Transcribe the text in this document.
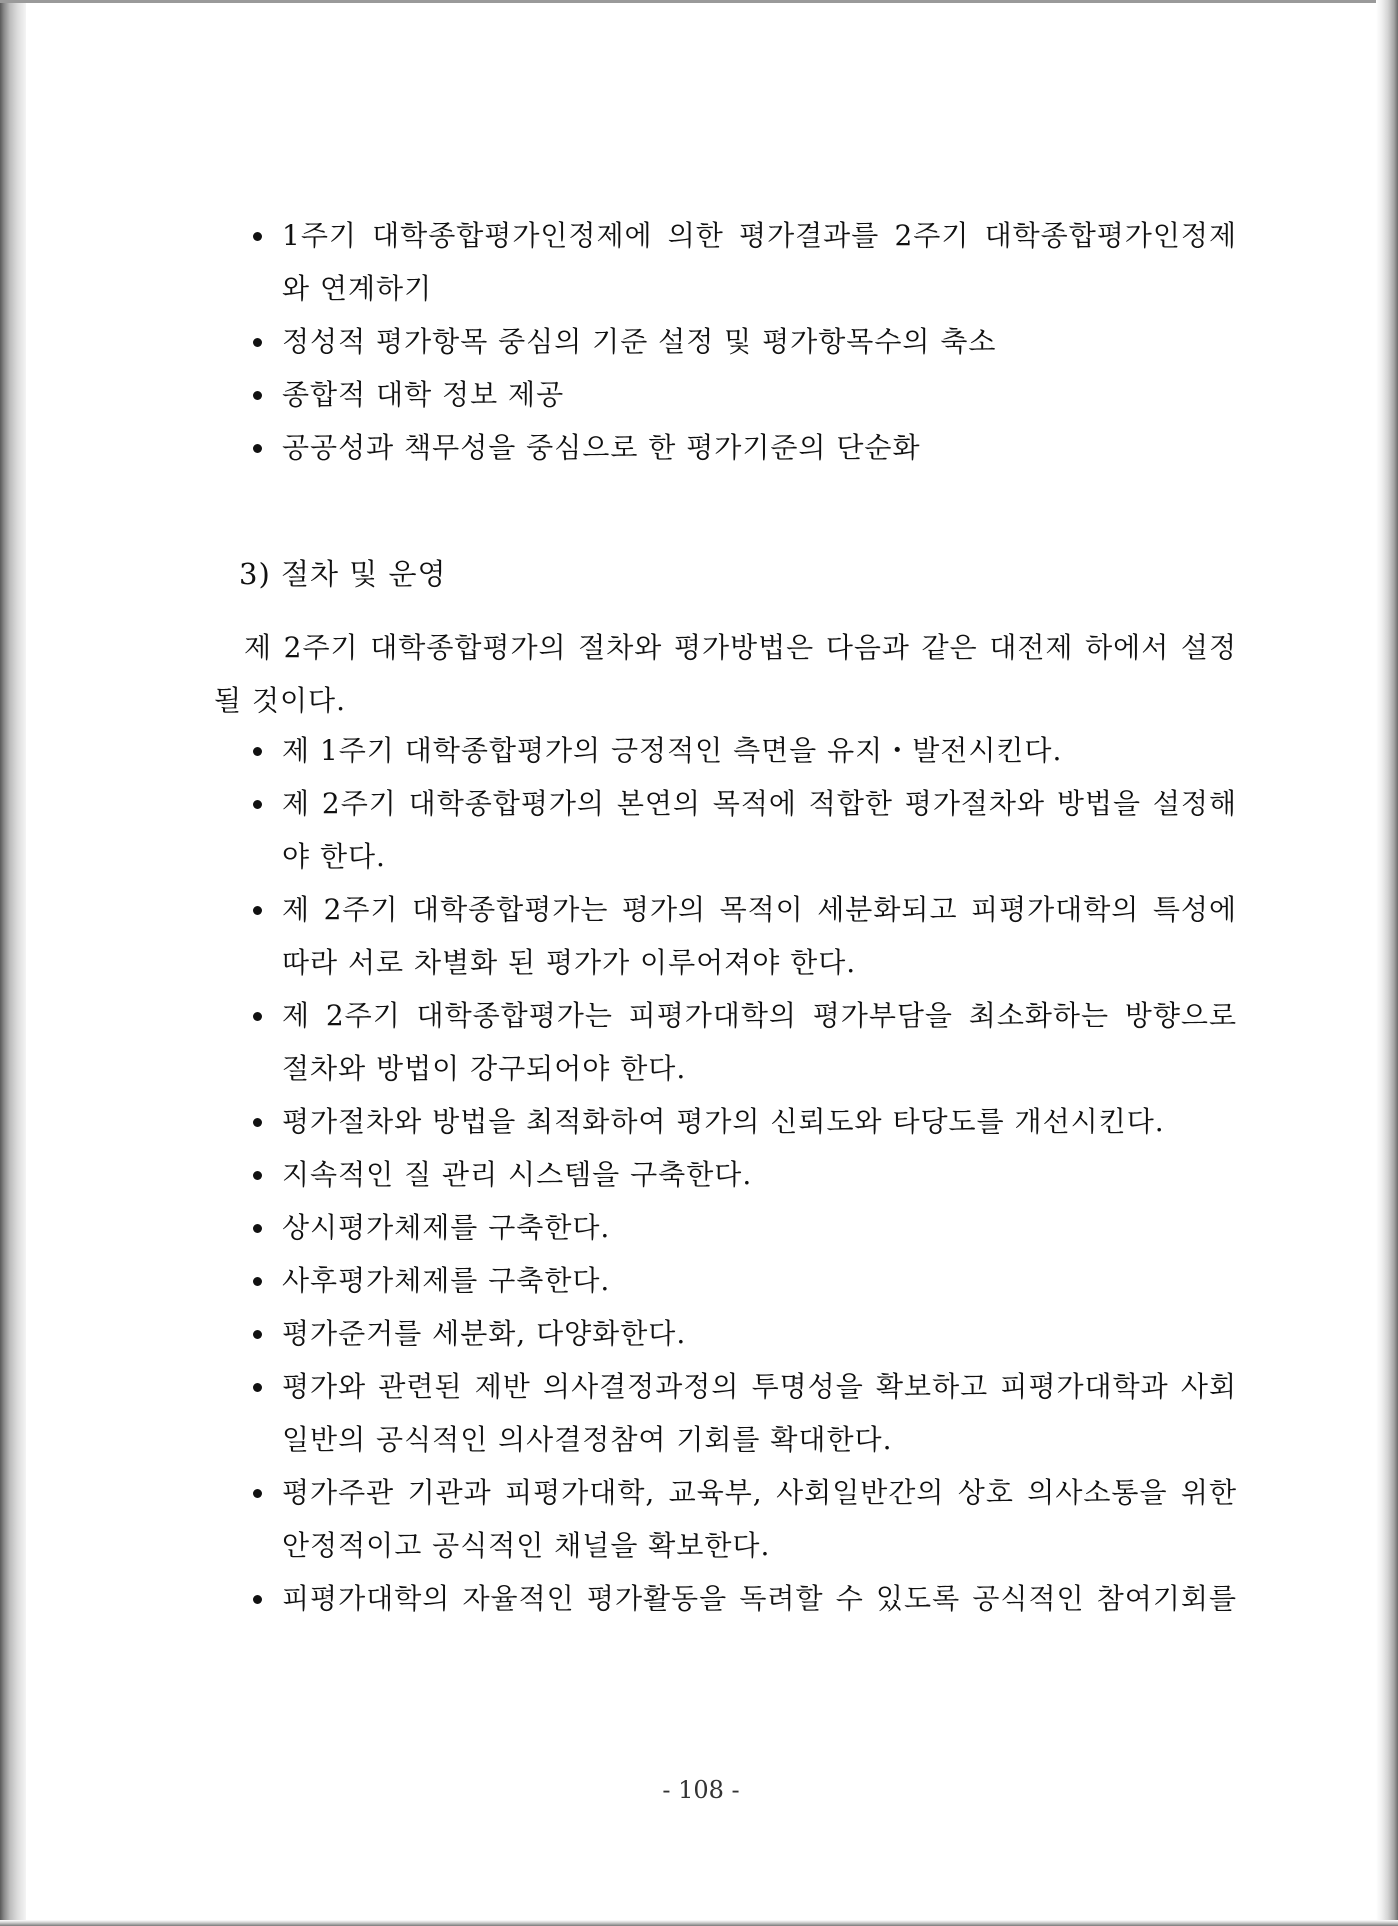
1주기 대학종합평가인정제에 의한 평가결과를 2주기 대학종합평가인정제
와 연계하기
정성적 평가항목 중심의 기준 설정 및 평가항목수의 축소
종합적 대학 정보 제공
공공성과 책무성을 중심으로 한 평가기준의 단순화
3) 절차 및 운영
제 2주기 대학종합평가의 절차와 평가방법은 다음과 같은 대전제 하에서 설정
될 것이다.
제 1주기 대학종합평가의 긍정적인 측면을 유지・발전시킨다.
제 2주기 대학종합평가의 본연의 목적에 적합한 평가절차와 방법을 설정해
야 한다.
제 2주기 대학종합평가는 평가의 목적이 세분화되고 피평가대학의 특성에
따라 서로 차별화 된 평가가 이루어져야 한다.
제 2주기 대학종합평가는 피평가대학의 평가부담을 최소화하는 방향으로
절차와 방법이 강구되어야 한다.
평가절차와 방법을 최적화하여 평가의 신뢰도와 타당도를 개선시킨다.
지속적인 질 관리 시스템을 구축한다.
상시평가체제를 구축한다.
사후평가체제를 구축한다.
평가준거를 세분화, 다양화한다.
평가와 관련된 제반 의사결정과정의 투명성을 확보하고 피평가대학과 사회
일반의 공식적인 의사결정참여 기회를 확대한다.
평가주관 기관과 피평가대학, 교육부, 사회일반간의 상호 의사소통을 위한
안정적이고 공식적인 채널을 확보한다.
피평가대학의 자율적인 평가활동을 독려할 수 있도록 공식적인 참여기회를
- 108 -
